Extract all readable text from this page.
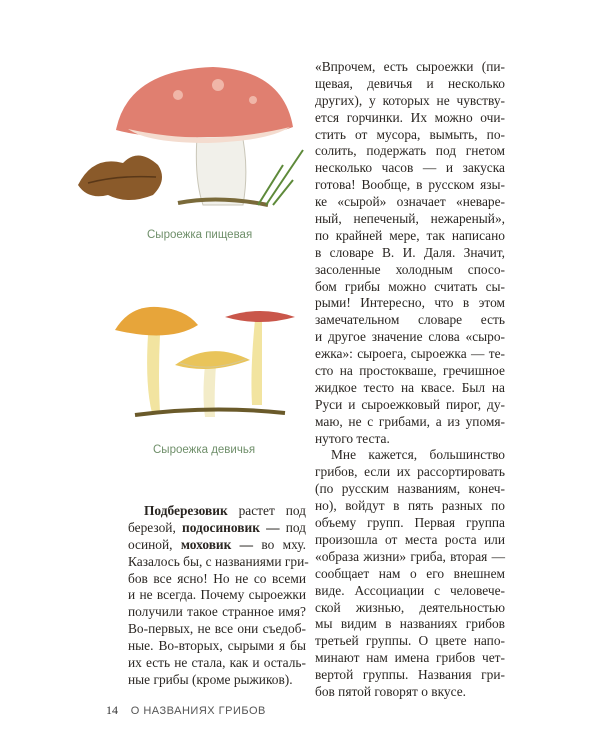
Сыроежка пищевая
Сыроежка девичья
«Впрочем, есть сыроежки (пи-
щевая, девичья и несколько
других), у которых не чувству-
ется горчинки. Их можно очи-
стить от мусора, вымыть, по-
солить, подержать под гнетом
несколько часов — и закуска
готова! Вообще, в русском язы-
ке «сырой» означает «неваре-
ный, непеченый, нежареный»,
по крайней мере, так написано
в словаре В. И. Даля. Значит,
засоленные холодным спосо-
бом грибы можно считать сы-
рыми! Интересно, что в этом
замечательном словаре есть
и другое значение слова «сыро-
ежка»: сыроега, сыроежка — те-
сто на простокваше, гречишное
жидкое тесто на квасе. Был на
Руси и сыроежковый пирог, ду-
маю, не с грибами, а из упомя-
нутого теста.
Мне кажется, большинство
грибов, если их рассортировать
(по русским названиям, конеч-
но), войдут в пять разных по
объему групп. Первая группа
произошла от места роста или
«образа жизни» гриба, вторая —
сообщает нам о его внешнем
виде. Ассоциации с человече-
ской жизнью, деятельностью
мы видим в названиях грибов
третьей группы. О цвете напо-
минают нам имена грибов чет-
вертой группы. Названия гри-
бов пятой говорят о вкусе.
Подберезовик растет под
березой, подосиновик — под
осиной, моховик — во мху.
Казалось бы, с названиями гри-
бов все ясно! Но не со всеми
и не всегда. Почему сыроежки
получили такое странное имя?
Во-первых, не все они съедоб-
ные. Во-вторых, сырыми я бы
их есть не стала, как и осталь-
ные грибы (кроме рыжиков).
14 О НАЗВАНИЯХ ГРИБОВ
